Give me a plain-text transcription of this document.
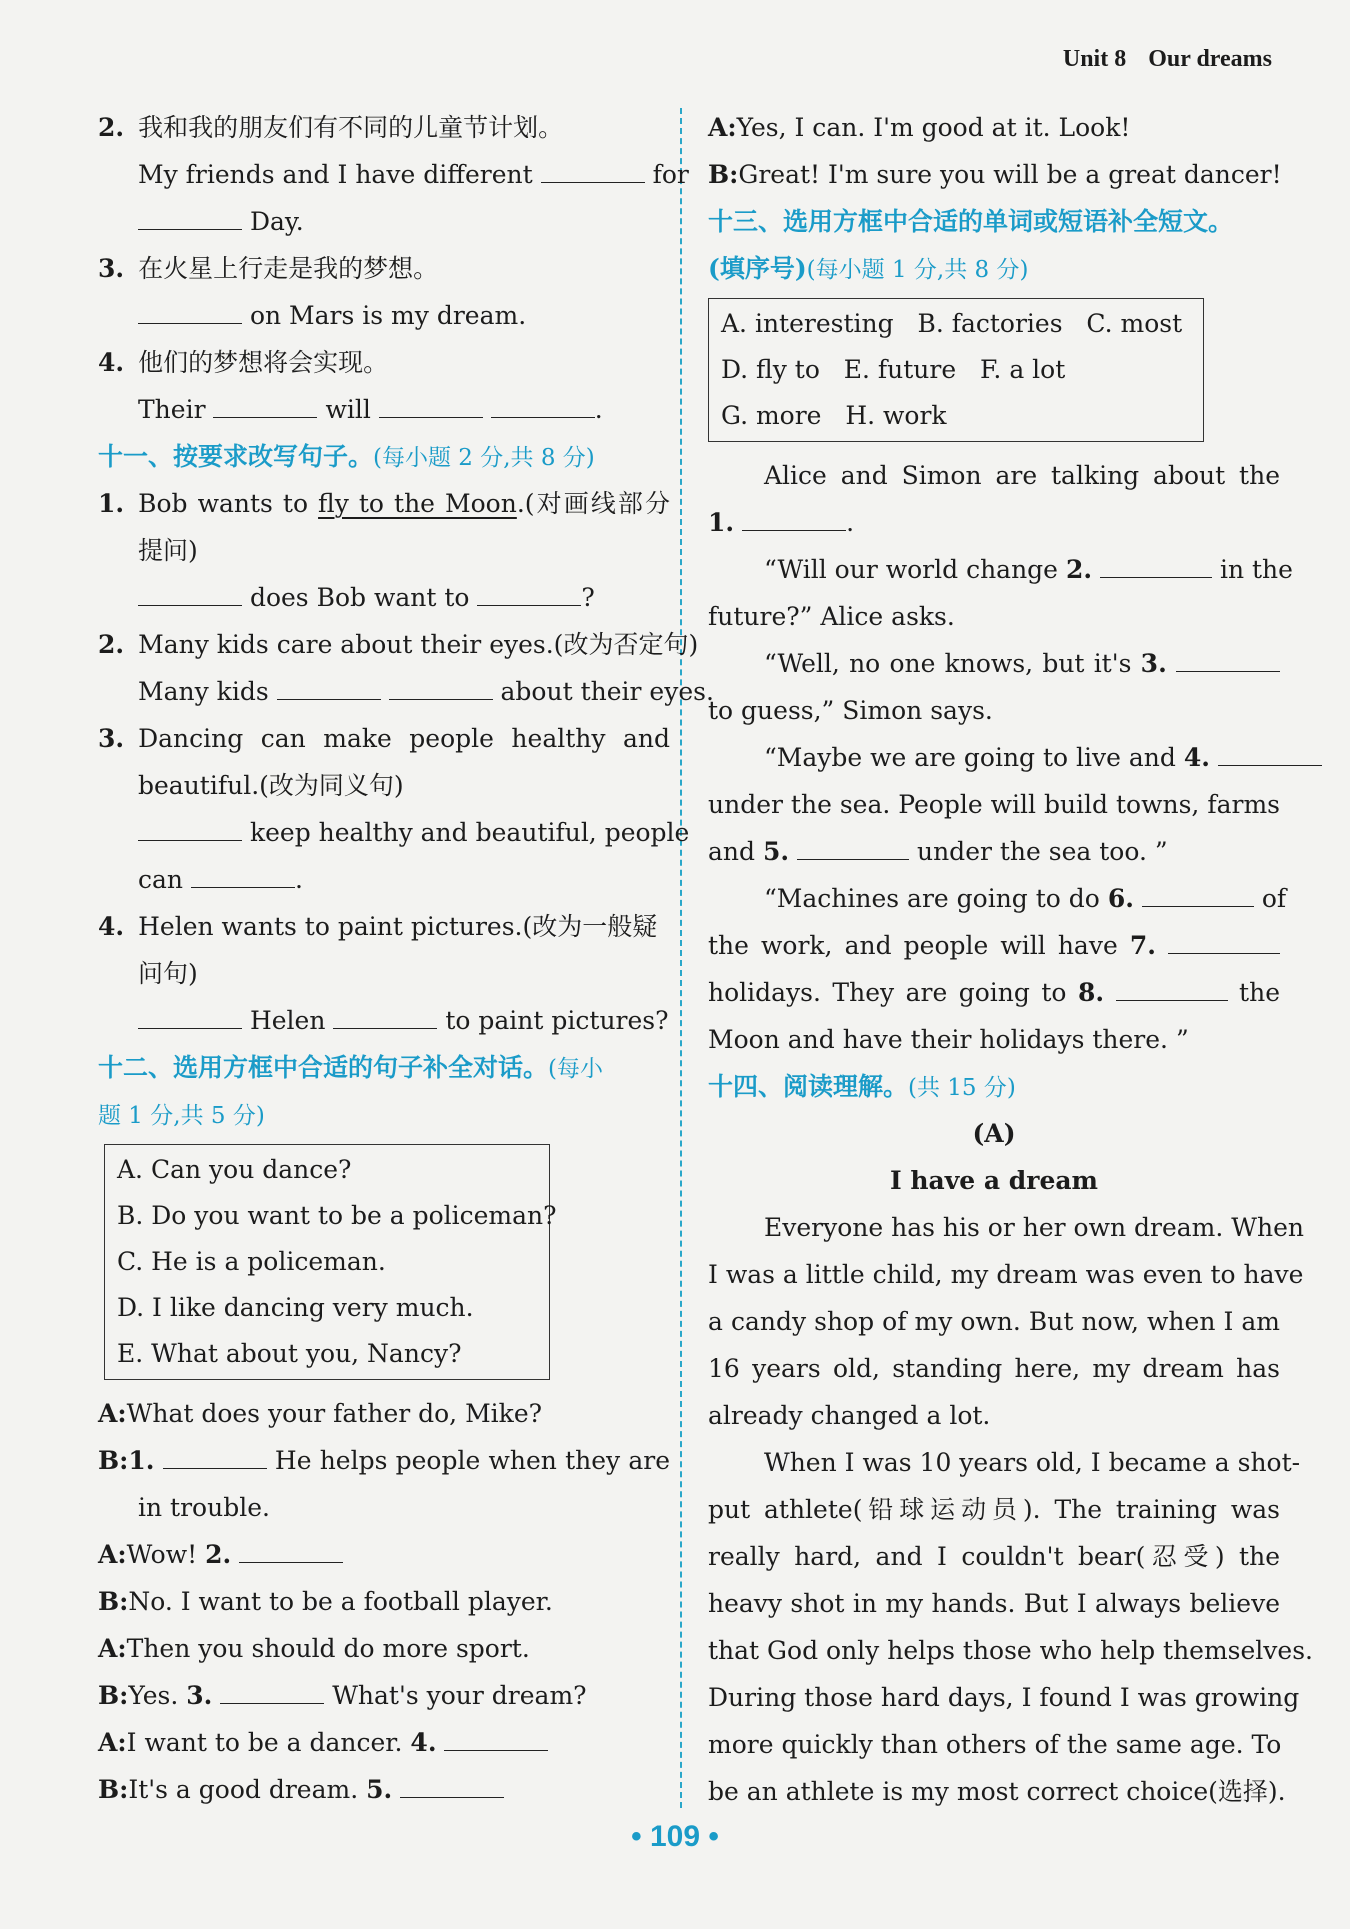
Unit 8 Our dreams
2. 我和我的朋友们有不同的儿童节计划。
My friends and I have different	for
Day.
3. 在火星上行走是我的梦想。
on Mars is my dream.
4. 他们的梦想将会实现。
Their	will	.
十一、按要求改写句子。(每小题 2 分,共 8 分)
1. Bob wants to fly to the Moon.(对画线部分
提问)
does Bob want to	?
2. Many kids care about their eyes.(改为否定句)
Many kids	about their eyes.
3. Dancing can make people healthy and
beautiful.(改为同义句)
keep healthy and beautiful, people
can	.
4. Helen wants to paint pictures.(改为一般疑
问句)
Helen	to paint pictures?
十二、选用方框中合适的句子补全对话。(每小
题 1 分,共 5 分)
A. Can you dance?
B. Do you want to be a policeman?
C. He is a policeman.
D. I like dancing very much.
E. What about you, Nancy?
A:What does your father do, Mike?
B:1.	He helps people when they are
in trouble.
A:Wow! 2.
B:No. I want to be a football player.
A:Then you should do more sport.
B:Yes. 3.	What's your dream?
A:I want to be a dancer. 4.
B:It's a good dream. 5.
A:Yes, I can. I'm good at it. Look!
B:Great! I'm sure you will be a great dancer!
十三、选用方框中合适的单词或短语补全短文。
(填序号)(每小题 1 分,共 8 分)
A. interesting B. factories C. most
D. fly to E. future F. a lot
G. more H. work
Alice and Simon are talking about the
1.	.
“Will our world change 2.	in the
future?” Alice asks.
“Well, no one knows, but it's 3.
to guess,” Simon says.
“Maybe we are going to live and 4.
under the sea. People will build towns, farms
and 5.	under the sea too. ”
“Machines are going to do 6.	of
the work, and people will have 7.
holidays. They are going to 8.	the
Moon and have their holidays there. ”
十四、阅读理解。(共 15 分)
(A)
I have a dream
Everyone has his or her own dream. When
I was a little child, my dream was even to have
a candy shop of my own. But now, when I am
16 years old, standing here, my dream has
already changed a lot.
When I was 10 years old, I became a shot-
put athlete(铅球运动员). The training was
really hard, and I couldn't bear(忍受) the
heavy shot in my hands. But I always believe
that God only helps those who help themselves.
During those hard days, I found I was growing
more quickly than others of the same age. To
be an athlete is my most correct choice(选择).
• 109 •
